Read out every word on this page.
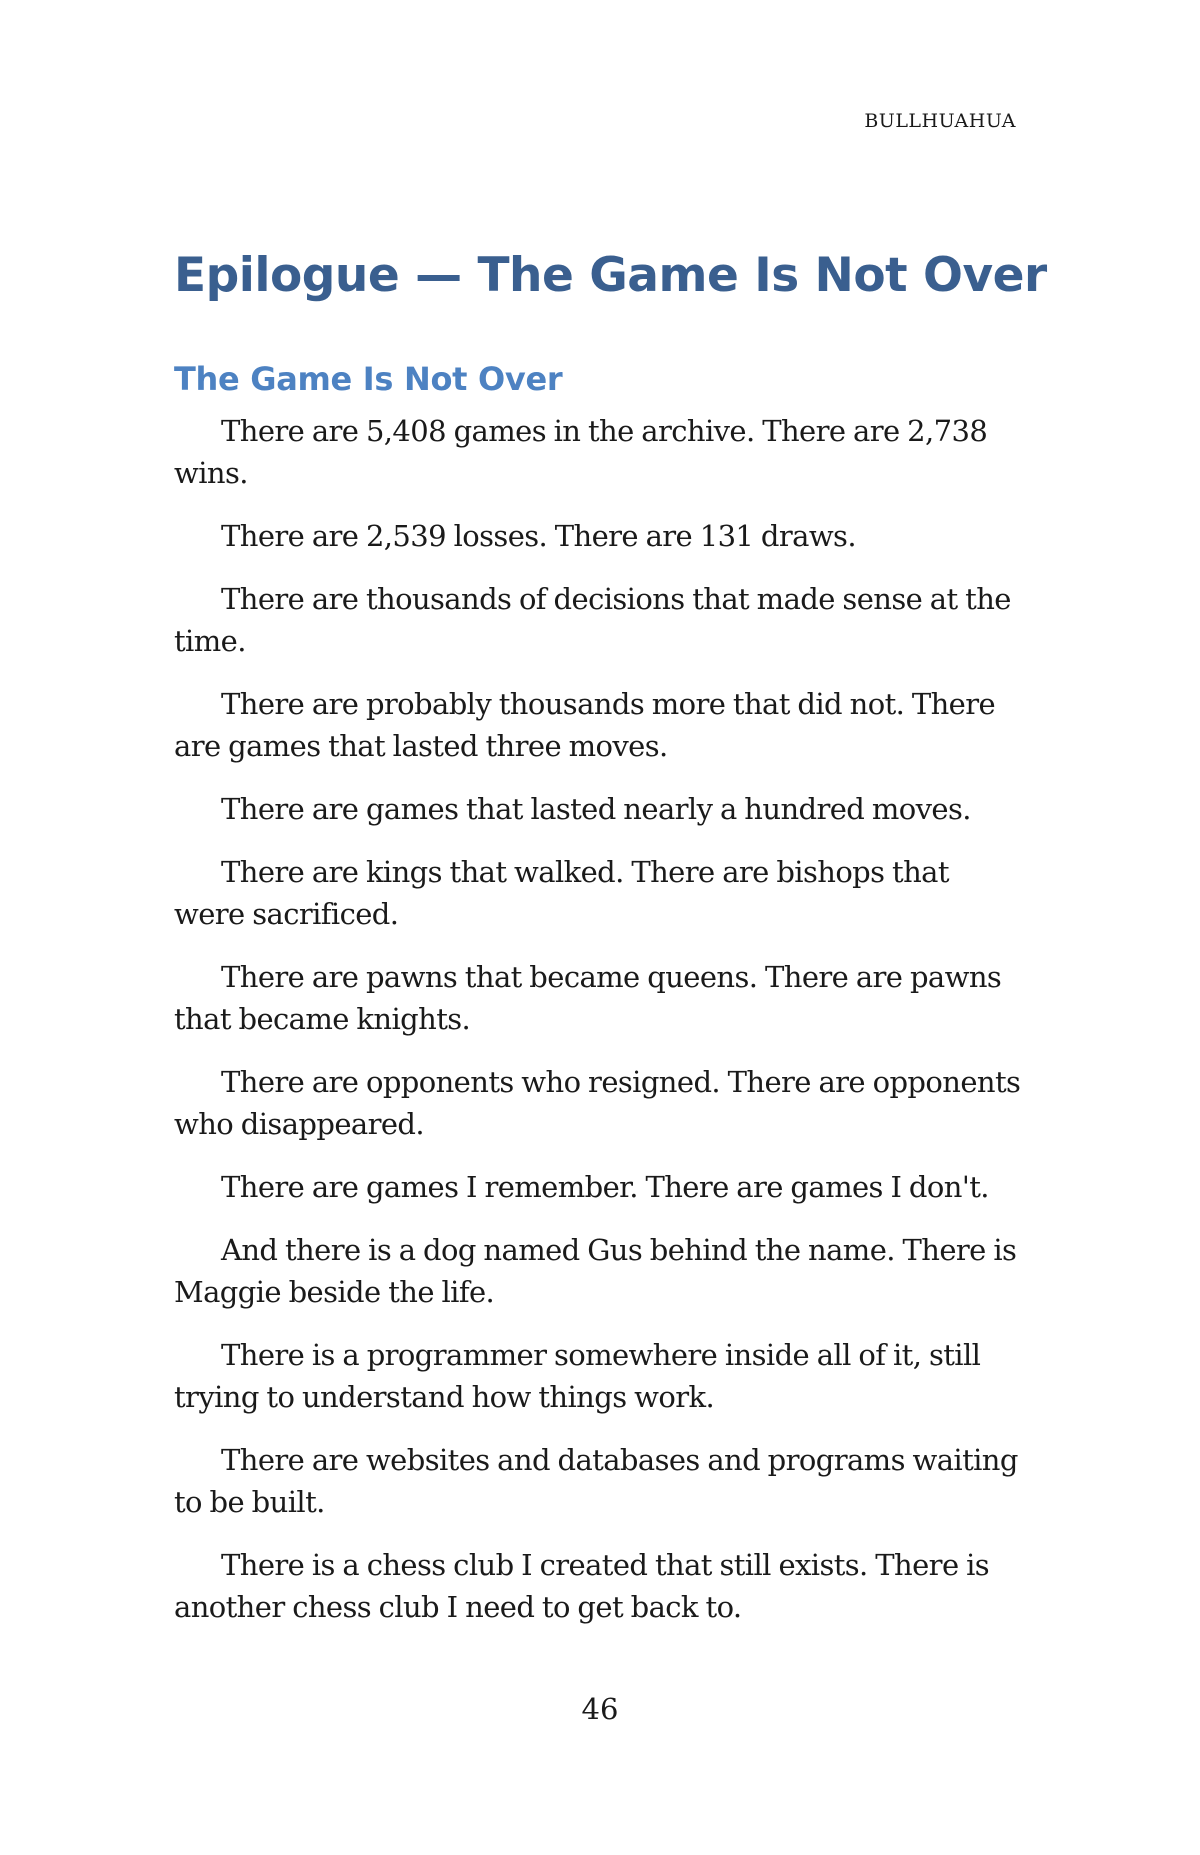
BULLHUAHUA
Epilogue — The Game Is Not Over
The Game Is Not Over

There are 5,408 games in the archive. There are 2,738 wins.

There are 2,539 losses. There are 131 draws.

There are thousands of decisions that made sense at the time.

There are probably thousands more that did not. There are games that lasted three moves.

There are games that lasted nearly a hundred moves.

There are kings that walked. There are bishops that were sacrificed.

There are pawns that became queens. There are pawns that became knights.

There are opponents who resigned. There are opponents who disappeared.

There are games I remember. There are games I don't.

And there is a dog named Gus behind the name. There is Maggie beside the life.

There is a programmer somewhere inside all of it, still trying to understand how things work.

There are websites and databases and programs waiting to be built.

There is a chess club I created that still exists. There is another chess club I need to get back to.

46
